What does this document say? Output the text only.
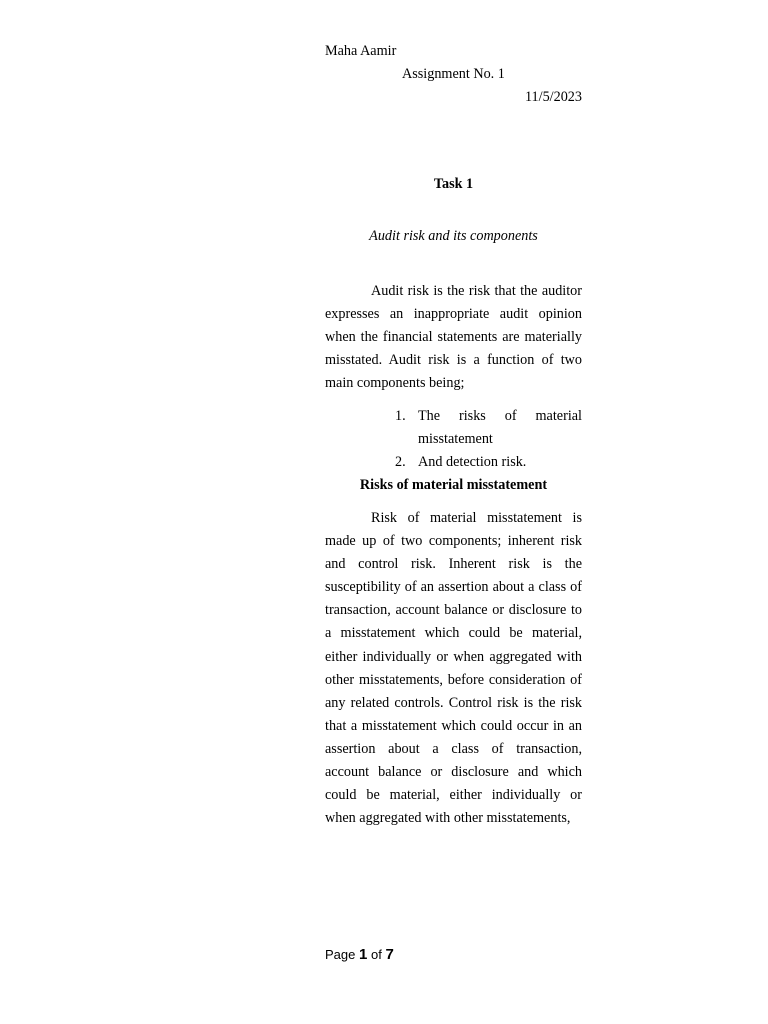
Maha Aamir
Assignment No. 1
11/5/2023
Task 1
Audit risk and its components

Audit risk is the risk that the auditor expresses an inappropriate audit opinion when the financial statements are materially misstated. Audit risk is a function of two main components being;

1. The risks of material misstatement
2. And detection risk.
Risks of material misstatement

Risk of material misstatement is made up of two components; inherent risk and control risk. Inherent risk is the susceptibility of an assertion about a class of transaction, account balance or disclosure to a misstatement which could be material, either individually or when aggregated with other misstatements, before consideration of any related controls. Control risk is the risk that a misstatement which could occur in an assertion about a class of transaction, account balance or disclosure and which could be material, either individually or when aggregated with other misstatements,

Page 1 of 7
